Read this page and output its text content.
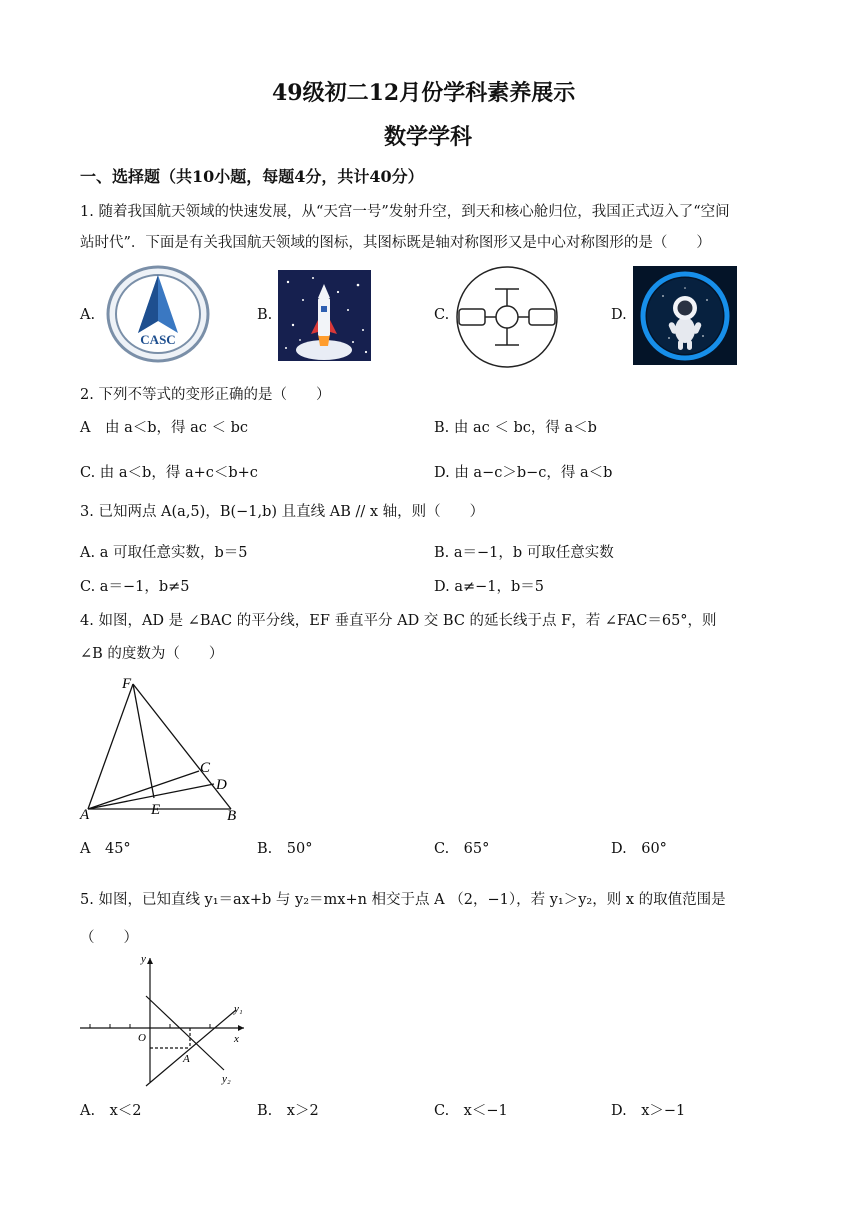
49级初二12月份学科素养展示
数学学科
一、选择题（共10小题，每题4分，共计40分）
1. 随着我国航天领域的快速发展，从“天宫一号”发射升空，到天和核心舱归位，我国正式迈入了“空间
站时代”．下面是有关我国航天领域的图标，其图标既是轴对称图形又是中心对称图形的是（　　）
A.
CASC
B.	C.	D.
2. 下列不等式的变形正确的是（　　）
A　由 a＜b，得 ac ＜ bc	B. 由 ac ＜ bc，得 a＜b
C. 由 a＜b，得 a+c＜b+c	D. 由 a−c＞b−c，得 a＜b
3. 已知两点 A(a,5)，B(−1,b) 且直线 AB // x 轴，则（　　）
A. a 可取任意实数，b＝5	B. a＝−1，b 可取任意实数
C. a＝−1，b≠5	D. a≠−1，b＝5
4. 如图，AD 是 ∠BAC 的平分线，EF 垂直平分 AD 交 BC 的延长线于点 F，若 ∠FAC＝65°，则
∠B 的度数为（　　）
F
C
D
A	E	B
A　45°	B.　50°	C.　65°	D.　60°
5. 如图，已知直线 y₁＝ax+b 与 y₂＝mx+n 相交于点 A （2，−1），若 y₁＞y₂，则 x 的取值范围是
（　　）
y
x
O
A
y₁
y₂
A.　x＜2	B.　x＞2	C.　x＜−1	D.　x＞−1
